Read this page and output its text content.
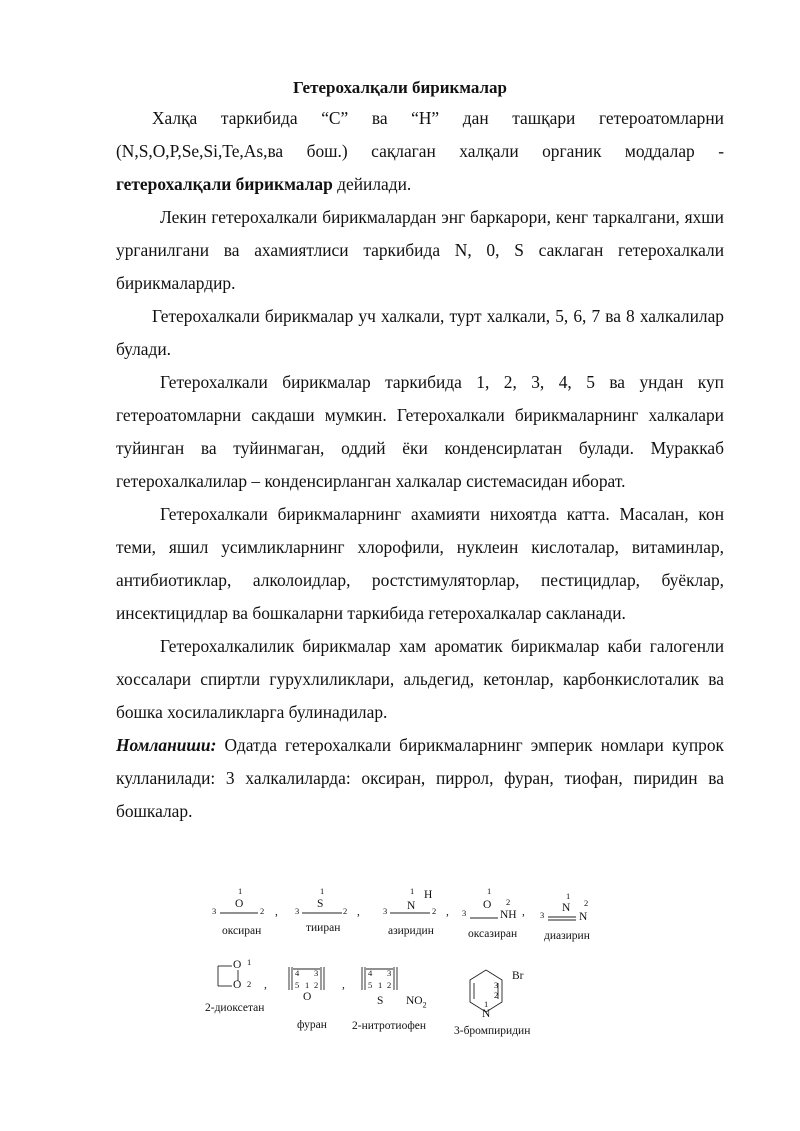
Гетерохалқали бирикмалар

Халқа таркибида “C” ва “H” дан ташқари гетероатомларни (N,S,O,P,Se,Si,Te,As,ва бош.) сақлаган халқали органик моддалар - гетерохалқали бирикмалар дейилади.

Лекин гетерохалкали бирикмалардан энг баркарори, кенг таркалгани, яхши урганилгани ва ахамиятлиси таркибида N, 0, S саклаган гетерохалкали бирикмалардир.

Гетерохалкали бирикмалар уч халкали, турт халкали, 5, 6, 7 ва 8 халкалилар булади.

Гетерохалкали бирикмалар таркибида 1, 2, 3, 4, 5 ва ундан куп гетероатомларни сакдаши мумкин. Гетерохалкали бирикмаларнинг халкалари туйинган ва туйинмаган, оддий ёки конденсирлатан булади. Мураккаб гетерохалкалилар – конденсирланган халкалар системасидан иборат.

Гетерохалкали бирикмаларнинг ахамияти нихоятда катта. Масалан, кон теми, яшил усимликларнинг хлорофили, нуклеин кислоталар, витаминлар, антибиотиклар, алколоидлар, ростстимуляторлар, пестицидлар, буёклар, инсектицидлар ва бошкаларни таркибида гетерохалкалар сакланади.

Гетерохалкалилик бирикмалар хам ароматик бирикмалар каби галогенли хоссалари спиртли гурухлиликлари, альдегид, кетонлар, карбонкислоталик ва бошка хосилаликларга булинадилар.

Номланиши: Одатда гетерохалкали бирикмаларнинг эмперик номлари купрок кулланилади: 3 халкалиларда: оксиран, пиррол, фуран, тиофан, пиридин ва бошкалар.

1
O
3	2 ,
оксиран
1
S
3	2 ,
тииран
1 H
N
3	2 ,
азиридин
1
O 2
NH
3	,
оксазиран
1
N 2
N
3
диазирин
O 1
O 2 ,
2-диоксетан
4 3
5 1 2
O
,
фуран
4 3
5 1 2
S $NO_2$
2-нитротиофен
Br
3
2
1
N
3-бромпиридин
